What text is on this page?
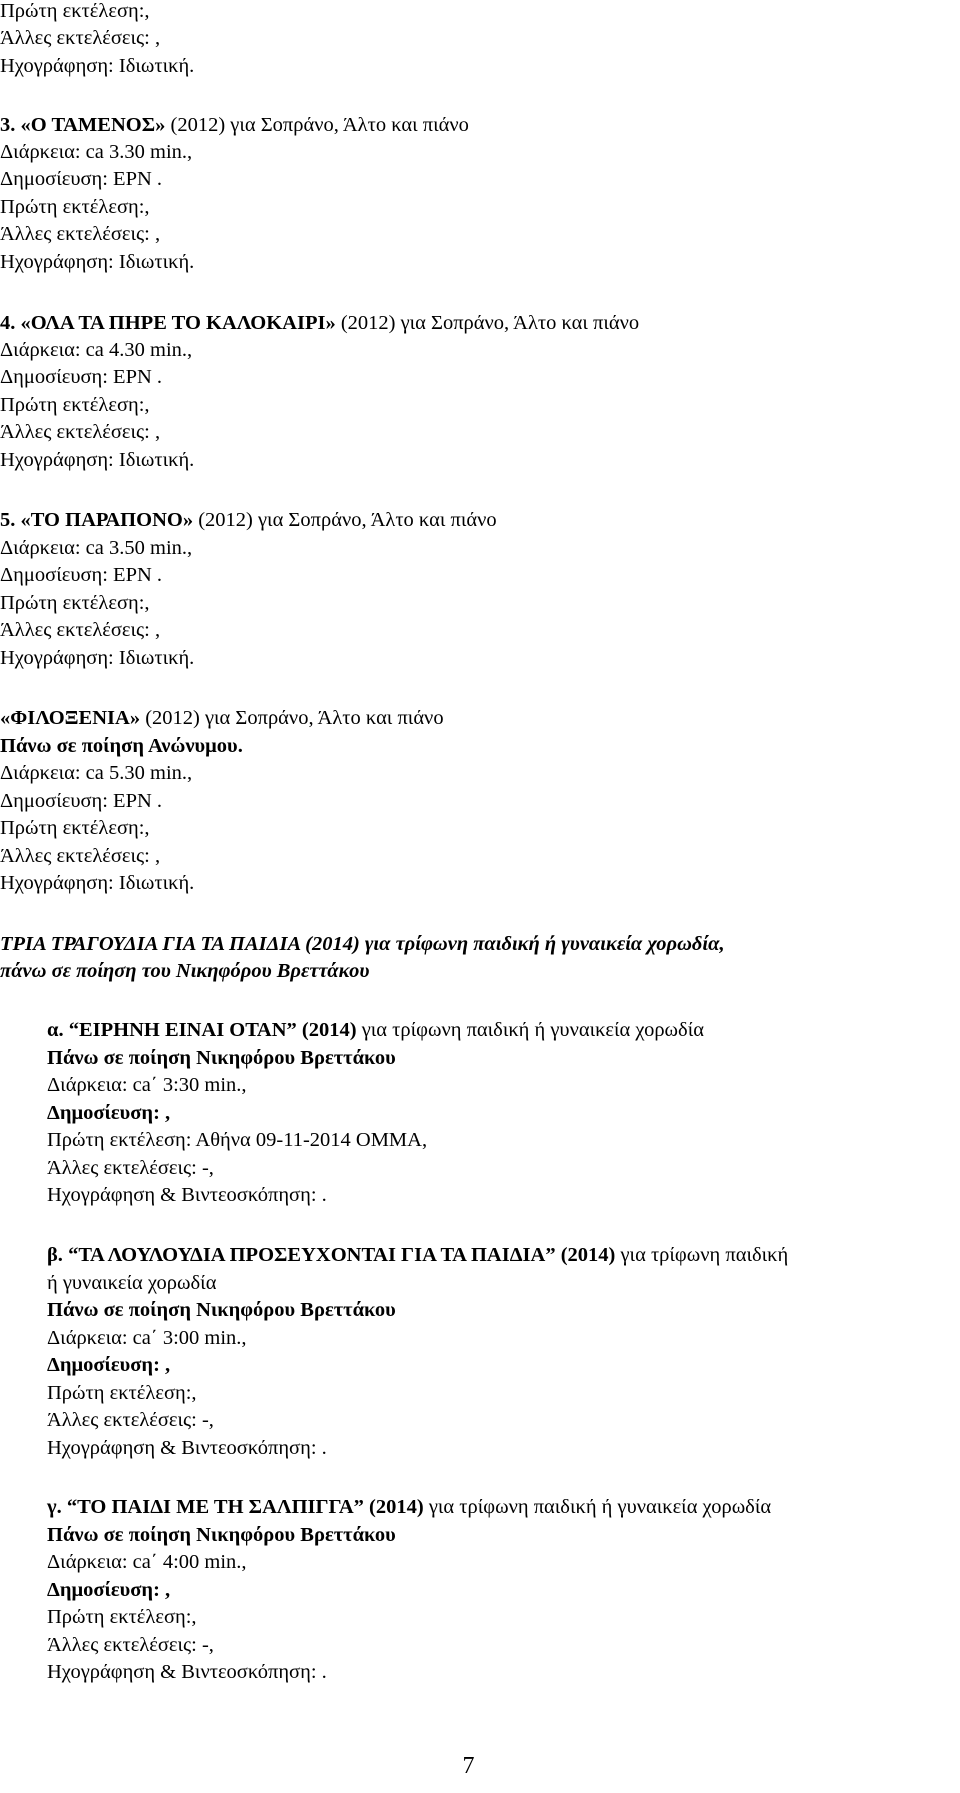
Πρώτη εκτέλεση:,
Άλλες εκτελέσεις: ,
Ηχογράφηση: Ιδιωτική.
3. «Ο ΤΑΜΕΝΟΣ» (2012) για Σοπράνο, Άλτο και πιάνο
Διάρκεια: ca 3.30 min.,
Δημοσίευση: ΕΡΝ .
Πρώτη εκτέλεση:,
Άλλες εκτελέσεις: ,
Ηχογράφηση: Ιδιωτική.
4. «ΟΛΑ ΤΑ ΠΗΡΕ ΤΟ ΚΑΛΟΚΑΙΡΙ» (2012) για Σοπράνο, Άλτο και πιάνο
Διάρκεια: ca 4.30 min.,
Δημοσίευση: ΕΡΝ .
Πρώτη εκτέλεση:,
Άλλες εκτελέσεις: ,
Ηχογράφηση: Ιδιωτική.
5. «ΤΟ ΠΑΡΑΠΟΝΟ» (2012) για Σοπράνο, Άλτο και πιάνο
Διάρκεια: ca 3.50 min.,
Δημοσίευση: ΕΡΝ .
Πρώτη εκτέλεση:,
Άλλες εκτελέσεις: ,
Ηχογράφηση: Ιδιωτική.
«ΦΙΛΟΞΕΝΙΑ» (2012) για Σοπράνο, Άλτο και πιάνο
Πάνω σε ποίηση Ανώνυμου.
Διάρκεια: ca 5.30 min.,
Δημοσίευση: ΕΡΝ .
Πρώτη εκτέλεση:,
Άλλες εκτελέσεις: ,
Ηχογράφηση: Ιδιωτική.
ΤΡΙΑ ΤΡΑΓΟΥΔΙΑ ΓΙΑ ΤΑ ΠΑΙΔΙΑ (2014) για τρίφωνη παιδική ή γυναικεία χορωδία,
πάνω σε ποίηση του Νικηφόρου Βρεττάκου
α. “ΕΙΡΗΝΗ ΕΙΝΑΙ ΟΤΑΝ” (2014) για τρίφωνη παιδική ή γυναικεία χορωδία
Πάνω σε ποίηση Νικηφόρου Βρεττάκου
Διάρκεια: ca΄ 3:30 min.,
Δημοσίευση: ,
Πρώτη εκτέλεση: Αθήνα 09-11-2014 ΟΜΜΑ,
Άλλες εκτελέσεις: -,
Ηχογράφηση & Βιντεοσκόπηση: .
β. “ΤΑ ΛΟΥΛΟΥΔΙΑ ΠΡΟΣΕΥΧΟΝΤΑΙ ΓΙΑ ΤΑ ΠΑΙΔΙΑ” (2014) για τρίφωνη παιδική
ή γυναικεία χορωδία
Πάνω σε ποίηση Νικηφόρου Βρεττάκου
Διάρκεια: ca΄ 3:00 min.,
Δημοσίευση: ,
Πρώτη εκτέλεση:,
Άλλες εκτελέσεις: -,
Ηχογράφηση & Βιντεοσκόπηση: .
γ. “ΤΟ ΠΑΙΔΙ ΜΕ ΤΗ ΣΑΛΠΙΓΓΑ” (2014) για τρίφωνη παιδική ή γυναικεία χορωδία
Πάνω σε ποίηση Νικηφόρου Βρεττάκου
Διάρκεια: ca΄ 4:00 min.,
Δημοσίευση: ,
Πρώτη εκτέλεση:,
Άλλες εκτελέσεις: -,
Ηχογράφηση & Βιντεοσκόπηση: .
7
